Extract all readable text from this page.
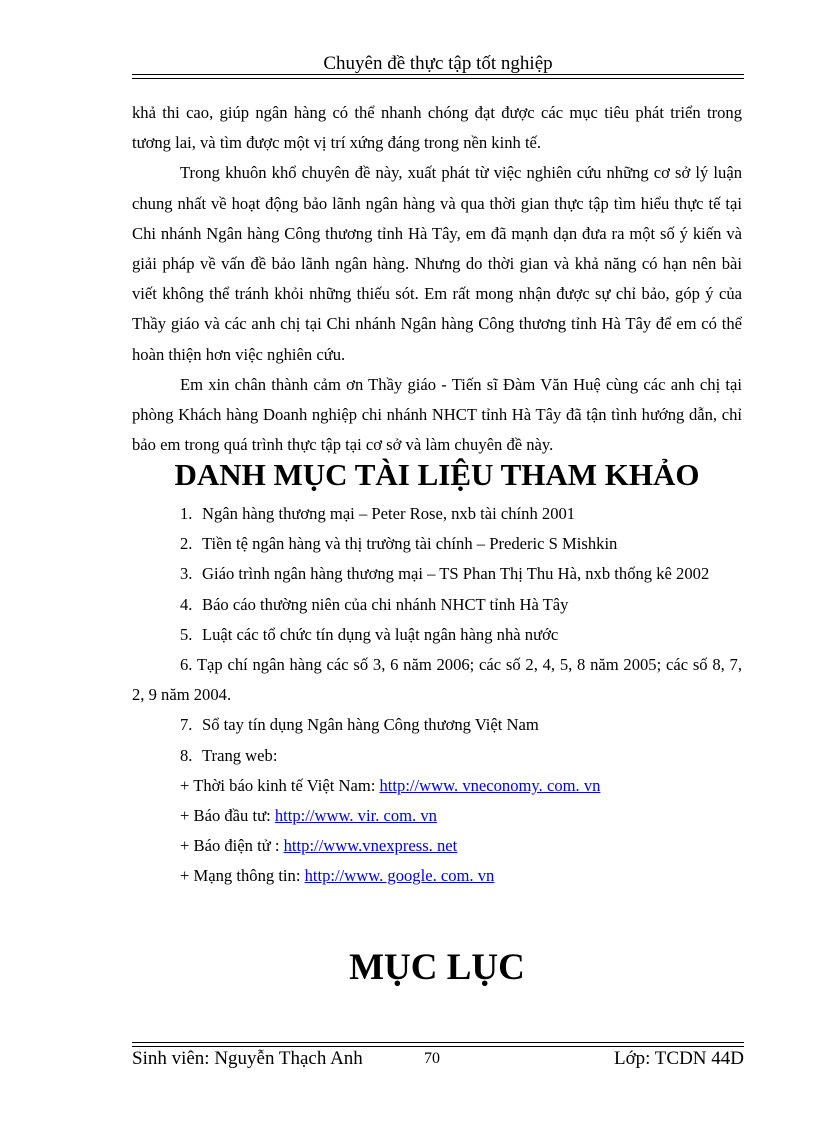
Chuyên đề thực tập tốt nghiệp

khả thi cao, giúp ngân hàng có thể nhanh chóng đạt được các mục tiêu phát triển trong tương lai, và tìm được một vị trí xứng đáng trong nền kinh tế.

Trong khuôn khổ chuyên đề này, xuất phát từ việc nghiên cứu những cơ sở lý luận chung nhất về hoạt động bảo lãnh ngân hàng và qua thời gian thực tập tìm hiểu thực tế tại Chi nhánh Ngân hàng Công thương tỉnh Hà Tây, em đã mạnh dạn đưa ra một số ý kiến và giải pháp về vấn đề bảo lãnh ngân hàng. Nhưng do thời gian và khả năng có hạn nên bài viết không thể tránh khỏi những thiếu sót. Em rất mong nhận được sự chỉ bảo, góp ý của Thầy giáo và các anh chị tại Chi nhánh Ngân hàng Công thương tỉnh Hà Tây để em có thể hoàn thiện hơn việc nghiên cứu.

Em xin chân thành cảm ơn Thầy giáo - Tiến sĩ Đàm Văn Huệ cùng các anh chị tại phòng Khách hàng Doanh nghiệp chi nhánh NHCT tỉnh Hà Tây đã tận tình hướng dẫn, chỉ bảo em trong quá trình thực tập tại cơ sở và làm chuyên đề này.

DANH MỤC TÀI LIỆU THAM KHẢO
1. Ngân hàng thương mại – Peter Rose, nxb tài chính 2001
2. Tiền tệ ngân hàng và thị trường tài chính – Prederic S Mishkin
3. Giáo trình ngân hàng thương mại – TS Phan Thị Thu Hà, nxb thống kê 2002
4. Báo cáo thường niên của chi nhánh NHCT tỉnh Hà Tây
5. Luật các tổ chức tín dụng và luật ngân hàng nhà nước
6. Tạp chí ngân hàng các số 3, 6 năm 2006; các số 2, 4, 5, 8 năm 2005; các số 8, 7, 2, 9 năm 2004.
7. Sổ tay tín dụng Ngân hàng Công thương Việt Nam
8. Trang web:
+ Thời báo kinh tế Việt Nam: http://www. vneconomy. com. vn
+ Báo đầu tư: http://www. vir. com. vn
+ Báo điện tử : http://www.vnexpress. net
+ Mạng thông tin: http://www. google. com. vn
MỤC LỤC
Sinh viên: Nguyễn Thạch Anh	70	Lớp: TCDN 44D
